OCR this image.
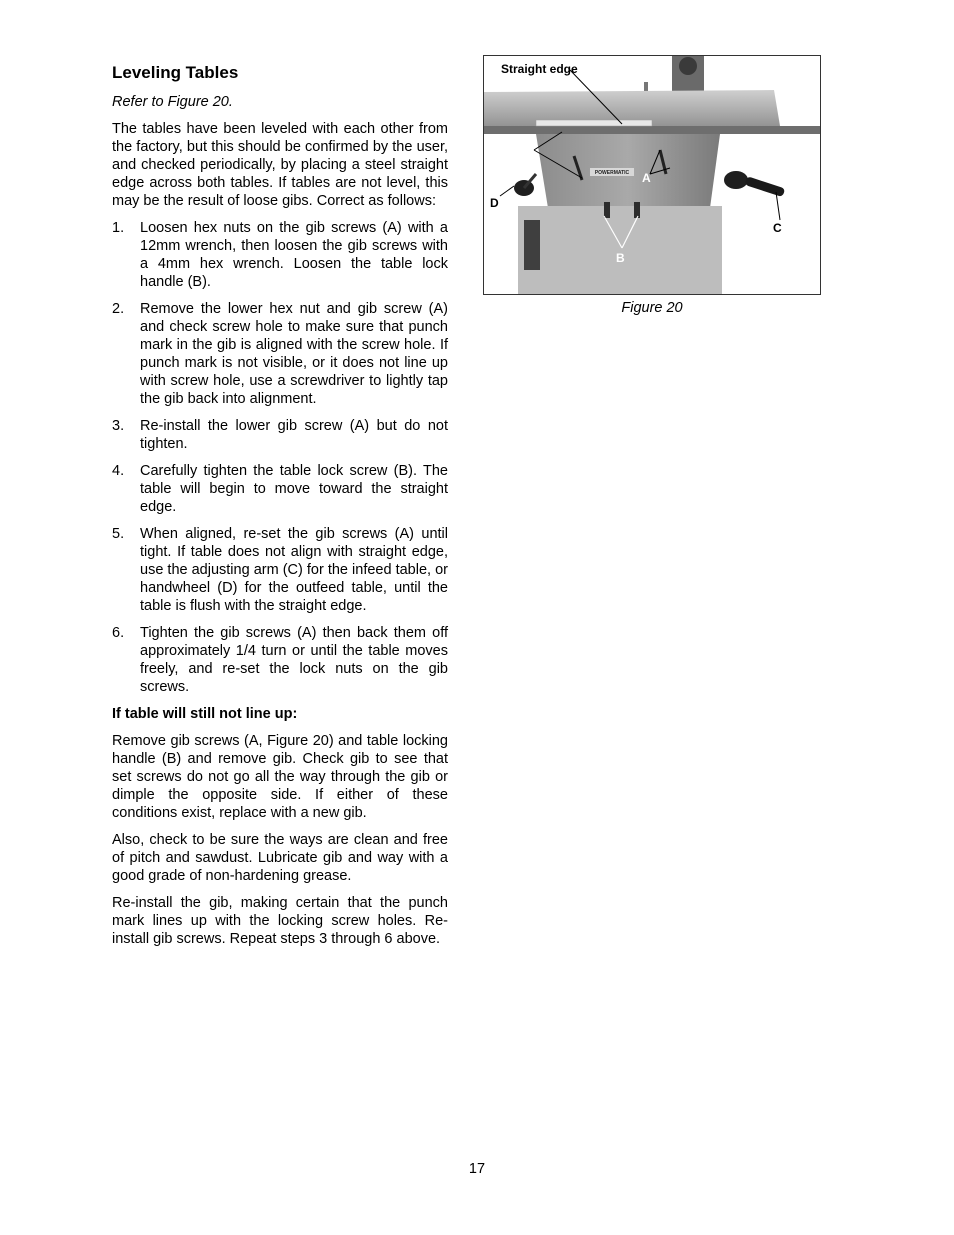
Leveling Tables
Refer to Figure 20.

The tables have been leveled with each other from the factory, but this should be confirmed by the user, and checked periodically, by placing a steel straight edge across both tables. If tables are not level, this may be the result of loose gibs. Correct as follows:

1. Loosen hex nuts on the gib screws (A) with a 12mm wrench, then loosen the gib screws with a 4mm hex wrench. Loosen the table lock handle (B).
2. Remove the lower hex nut and gib screw (A) and check screw hole to make sure that punch mark in the gib is aligned with the screw hole. If punch mark is not visible, or it does not line up with screw hole, use a screwdriver to lightly tap the gib back into alignment.
3. Re-install the lower gib screw (A) but do not tighten.
4. Carefully tighten the table lock screw (B). The table will begin to move toward the straight edge.
5. When aligned, re-set the gib screws (A) until tight. If table does not align with straight edge, use the adjusting arm (C) for the infeed table, or handwheel (D) for the outfeed table, until the table is flush with the straight edge.
6. Tighten the gib screws (A) then back them off approximately 1/4 turn or until the table moves freely, and re-set the lock nuts on the gib screws.
If table will still not line up:

Remove gib screws (A, Figure 20) and table locking handle (B) and remove gib. Check gib to see that set screws do not go all the way through the gib or dimple the opposite side. If either of these conditions exist, replace with a new gib.

Also, check to be sure the ways are clean and free of pitch and sawdust. Lubricate gib and way with a good grade of non-hardening grease.

Re-install the gib, making certain that the punch mark lines up with the locking screw holes. Re-install gib screws. Repeat steps 3 through 6 above.

POWERMATIC
Straight edge
A
A
B
C
D
Figure 20
17
